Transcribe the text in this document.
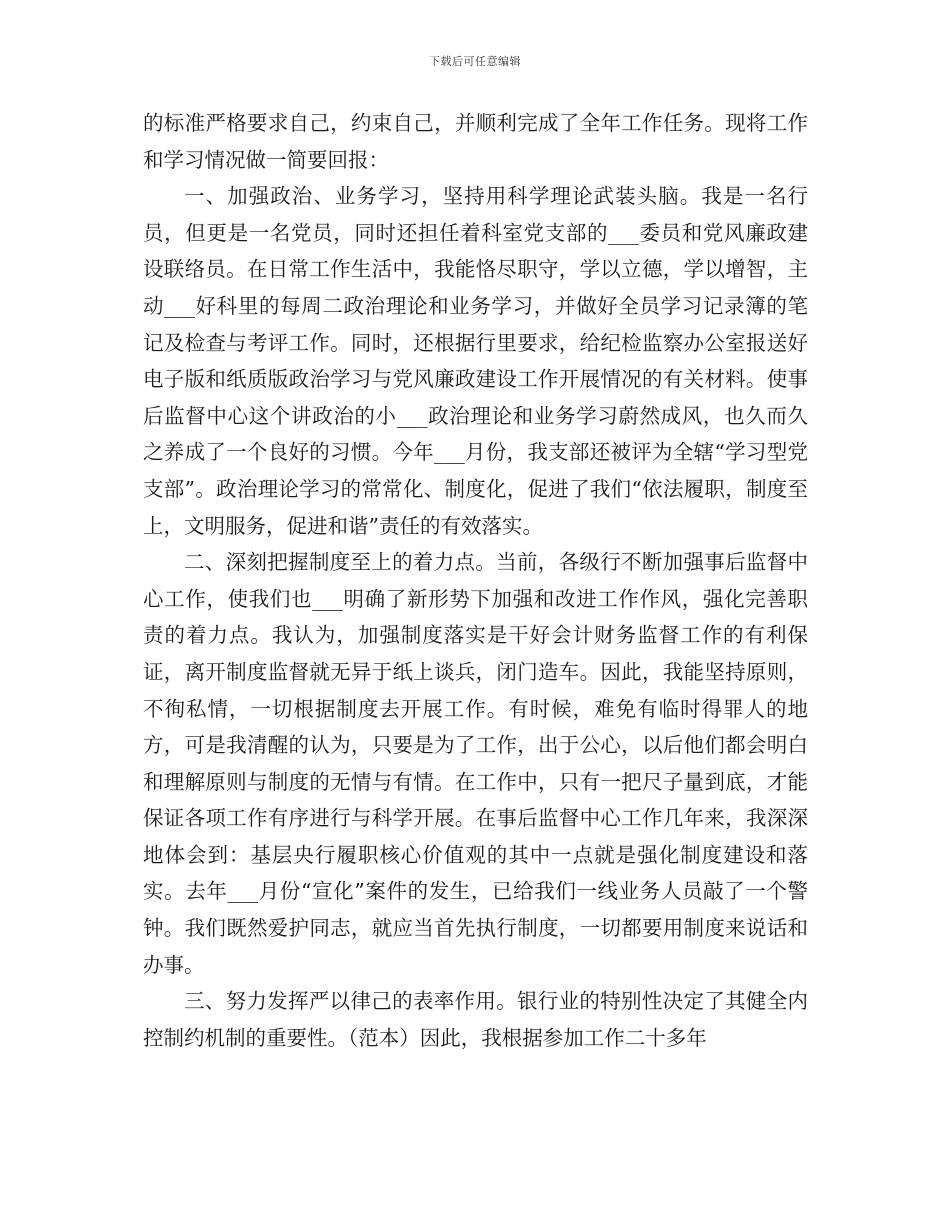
下载后可任意编辑

的标准严格要求自己，约束自己，并顺利完成了全年工作任务。现将工作和学习情况做一简要回报：

一、加强政治、业务学习，坚持用科学理论武装头脑。我是一名行员，但更是一名党员，同时还担任着科室党支部的___委员和党风廉政建设联络员。在日常工作生活中，我能恪尽职守，学以立德，学以增智，主动___好科里的每周二政治理论和业务学习，并做好全员学习记录簿的笔记及检查与考评工作。同时，还根据行里要求，给纪检监察办公室报送好电子版和纸质版政治学习与党风廉政建设工作开展情况的有关材料。使事后监督中心这个讲政治的小___政治理论和业务学习蔚然成风，也久而久之养成了一个良好的习惯。今年___月份，我支部还被评为全辖“学习型党支部”。政治理论学习的常常化、制度化，促进了我们“依法履职，制度至上，文明服务，促进和谐”责任的有效落实。

二、深刻把握制度至上的着力点。当前，各级行不断加强事后监督中心工作，使我们也___明确了新形势下加强和改进工作作风，强化完善职责的着力点。我认为，加强制度落实是干好会计财务监督工作的有利保证，离开制度监督就无异于纸上谈兵，闭门造车。因此，我能坚持原则，不徇私情，一切根据制度去开展工作。有时候，难免有临时得罪人的地方，可是我清醒的认为，只要是为了工作，出于公心，以后他们都会明白和理解原则与制度的无情与有情。在工作中，只有一把尺子量到底，才能保证各项工作有序进行与科学开展。在事后监督中心工作几年来，我深深地体会到：基层央行履职核心价值观的其中一点就是强化制度建设和落实。去年___月份“宣化”案件的发生，已给我们一线业务人员敲了一个警钟。我们既然爱护同志，就应当首先执行制度，一切都要用制度来说话和办事。

三、努力发挥严以律己的表率作用。银行业的特别性决定了其健全内控制约机制的重要性。（范本）因此，我根据参加工作二十多年
